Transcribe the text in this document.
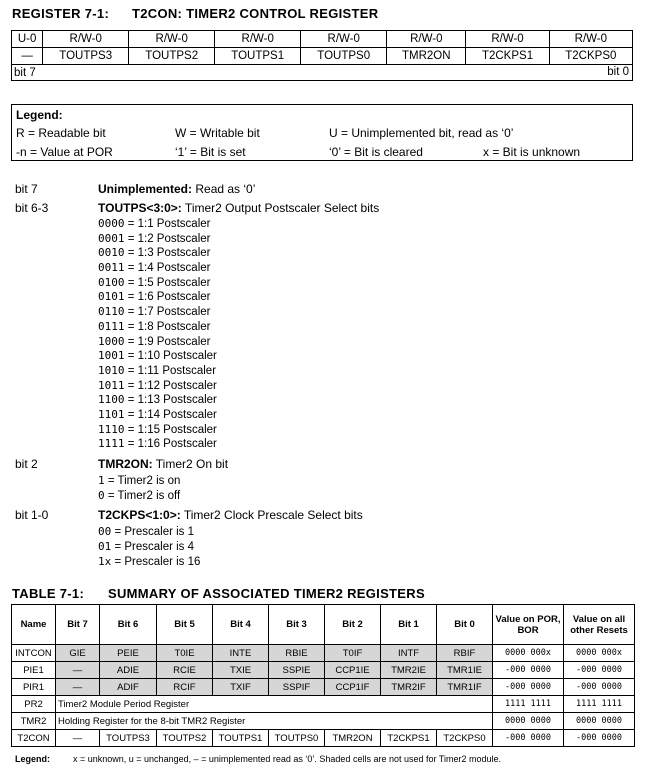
REGISTER 7-1: T2CON: TIMER2 CONTROL REGISTER
U-0	R/W-0	R/W-0	R/W-0	R/W-0	R/W-0	R/W-0	R/W-0
—	TOUTPS3	TOUTPS2	TOUTPS1	TOUTPS0	TMR2ON	T2CKPS1	T2CKPS0
bit 7 bit 0							
Legend:
R = Readable bit	W = Writable bit	U = Unimplemented bit, read as ‘0’
-n = Value at POR	‘1’ = Bit is set	‘0’ = Bit is cleared	x = Bit is unknown
bit 7	Unimplemented: Read as ‘0’
bit 6-3	TOUTPS<3:0>: Timer2 Output Postscaler Select bits
0000 = 1:1 Postscaler
0001 = 1:2 Postscaler
0010 = 1:3 Postscaler
0011 = 1:4 Postscaler
0100 = 1:5 Postscaler
0101 = 1:6 Postscaler
0110 = 1:7 Postscaler
0111 = 1:8 Postscaler
1000 = 1:9 Postscaler
1001 = 1:10 Postscaler
1010 = 1:11 Postscaler
1011 = 1:12 Postscaler
1100 = 1:13 Postscaler
1101 = 1:14 Postscaler
1110 = 1:15 Postscaler
1111 = 1:16 Postscaler
bit 2	TMR2ON: Timer2 On bit
1 = Timer2 is on
0 = Timer2 is off
bit 1-0	T2CKPS<1:0>: Timer2 Clock Prescale Select bits
00 = Prescaler is 1
01 = Prescaler is 4
1x = Prescaler is 16
TABLE 7-1: SUMMARY OF ASSOCIATED TIMER2 REGISTERS
Name	Bit 7	Bit 6	Bit 5	Bit 4	Bit 3	Bit 2	Bit 1	Bit 0	Value on POR, BOR	Value on all other Resets
INTCON	GIE	PEIE	T0IE	INTE	RBIE	T0IF	INTF	RBIF	0000 000x	0000 000x
PIE1	—	ADIE	RCIE	TXIE	SSPIE	CCP1IE	TMR2IE	TMR1IE	-000 0000	-000 0000
PIR1	—	ADIF	RCIF	TXIF	SSPIF	CCP1IF	TMR2IF	TMR1IF	-000 0000	-000 0000
PR2	Timer2 Module Period Register								1111 1111	1111 1111
TMR2	Holding Register for the 8-bit TMR2 Register								0000 0000	0000 0000
T2CON	—	TOUTPS3	TOUTPS2	TOUTPS1	TOUTPS0	TMR2ON	T2CKPS1	T2CKPS0	-000 0000	-000 0000
Legend:	x = unknown, u = unchanged, – = unimplemented read as ‘0’. Shaded cells are not used for Timer2 module.
